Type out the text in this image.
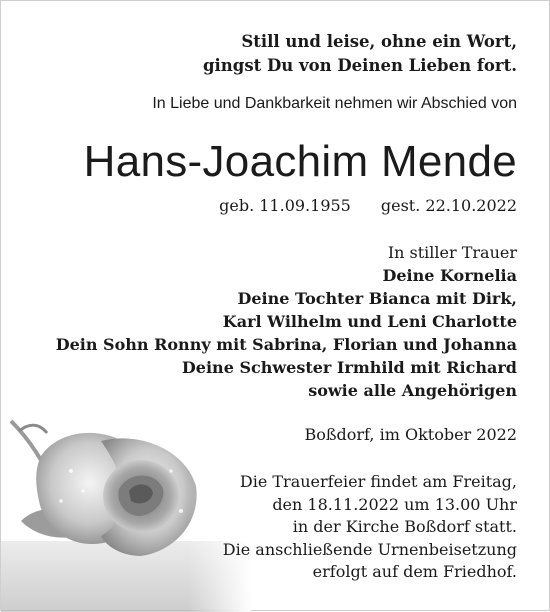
Still und leise, ohne ein Wort,
gingst Du von Deinen Lieben fort.
In Liebe und Dankbarkeit nehmen wir Abschied von
Hans-Joachim Mende
geb. 11.09.1955 gest. 22.10.2022
In stiller Trauer
Deine Kornelia
Deine Tochter Bianca mit Dirk,
Karl Wilhelm und Leni Charlotte
Dein Sohn Ronny mit Sabrina, Florian und Johanna
Deine Schwester Irmhild mit Richard
sowie alle Angehörigen
Boßdorf, im Oktober 2022
Die Trauerfeier findet am Freitag,
den 18.11.2022 um 13.00 Uhr
in der Kirche Boßdorf statt.
Die anschließende Urnenbeisetzung
erfolgt auf dem Friedhof.
